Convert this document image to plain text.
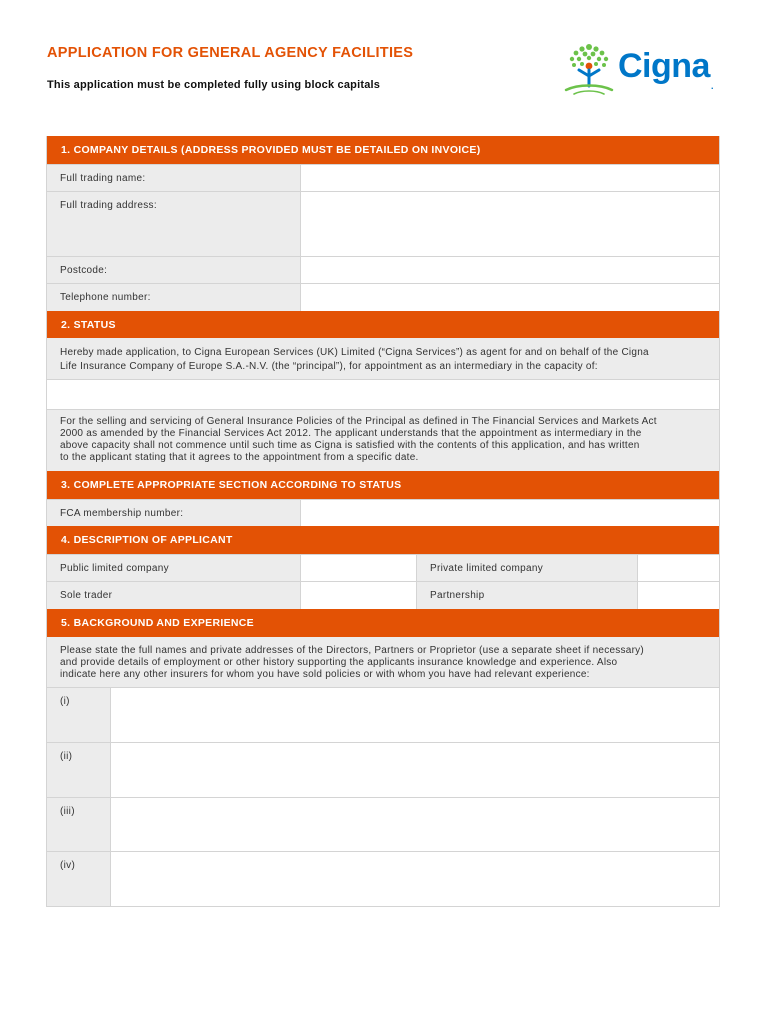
APPLICATION FOR GENERAL AGENCY FACILITIES

This application must be completed fully using block capitals	Cigna.
1. COMPANY DETAILS (ADDRESS PROVIDED MUST BE DETAILED ON INVOICE)
Full trading name:
Full trading address:
Postcode:
Telephone number:
2. STATUS
Hereby made application, to Cigna European Services (UK) Limited (“Cigna Services”) as agent for and on behalf of the Cigna
Life Insurance Company of Europe S.A.-N.V. (the “principal”), for appointment as an intermediary in the capacity of:
For the selling and servicing of General Insurance Policies of the Principal as defined in The Financial Services and Markets Act
2000 as amended by the Financial Services Act 2012. The applicant understands that the appointment as intermediary in the
above capacity shall not commence until such time as Cigna is satisfied with the contents of this application, and has written
to the applicant stating that it agrees to the appointment from a specific date.
3. COMPLETE APPROPRIATE SECTION ACCORDING TO STATUS
FCA membership number:
4. DESCRIPTION OF APPLICANT
Public limited company	Private limited company
Sole trader	Partnership
5. BACKGROUND AND EXPERIENCE
Please state the full names and private addresses of the Directors, Partners or Proprietor (use a separate sheet if necessary)
and provide details of employment or other history supporting the applicants insurance knowledge and experience. Also
indicate here any other insurers for whom you have sold policies or with whom you have had relevant experience:
(i)
(ii)
(iii)
(iv)
